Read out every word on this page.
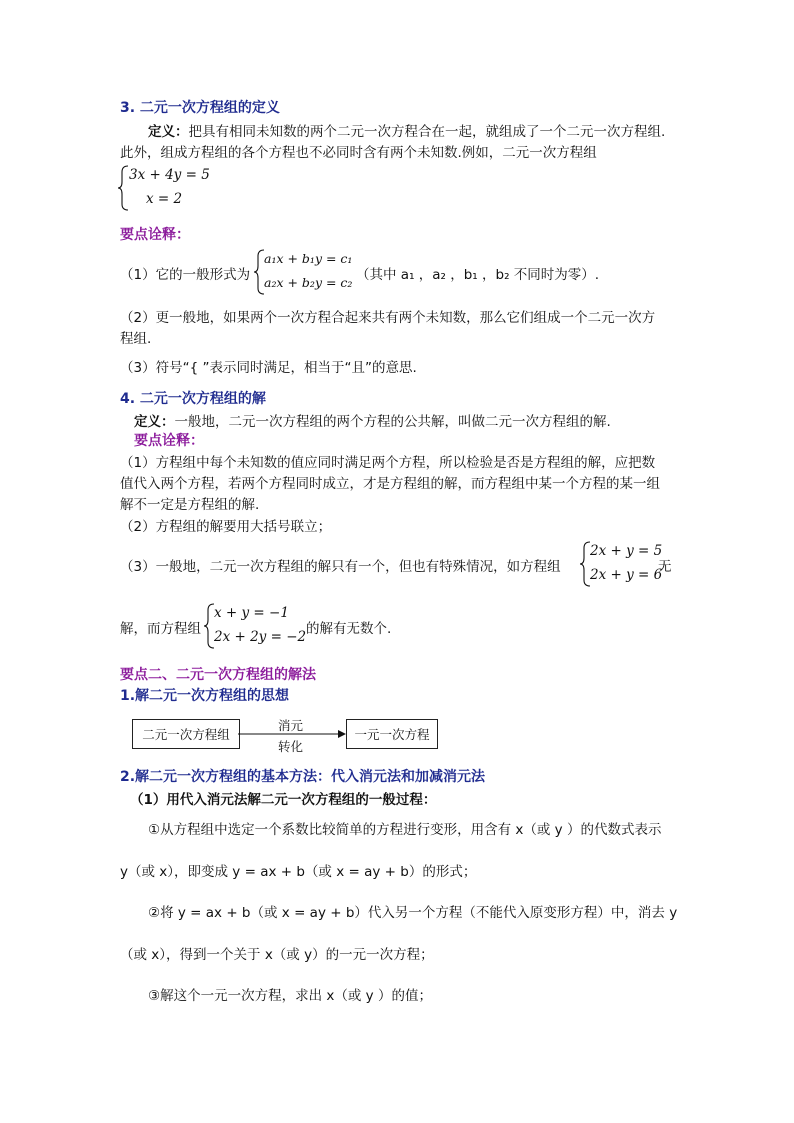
3. 二元一次方程组的定义
定义：把具有相同未知数的两个二元一次方程合在一起，就组成了一个二元一次方程组.
此外，组成方程组的各个方程也不必同时含有两个未知数.例如，二元一次方程组
3x + 4y = 5
x = 2
要点诠释：
（1）它的一般形式为
a₁x + b₁y = c₁
a₂x + b₂y = c₂ （其中 a₁ ，a₂ ，b₁ ，b₂ 不同时为零）.
（2）更一般地，如果两个一次方程合起来共有两个未知数，那么它们组成一个二元一次方
程组.
（3）符号“{ ”表示同时满足，相当于“且”的意思.
4. 二元一次方程组的解
定义：一般地，二元一次方程组的两个方程的公共解，叫做二元一次方程组的解.
要点诠释：
（1）方程组中每个未知数的值应同时满足两个方程，所以检验是否是方程组的解，应把数
值代入两个方程，若两个方程同时成立，才是方程组的解，而方程组中某一个方程的某一组
解不一定是方程组的解.
（2）方程组的解要用大括号联立；
（3）一般地，二元一次方程组的解只有一个，但也有特殊情况，如方程组
2x + y = 5
2x + y = 6
无
解，而方程组
x + y = −1
2x + 2y = −2 的解有无数个.
要点二、二元一次方程组的解法
1.解二元一次方程组的思想
二元一次方程组
消元
转化
一元一次方程
2.解二元一次方程组的基本方法：代入消元法和加减消元法
（1）用代入消元法解二元一次方程组的一般过程：
①从方程组中选定一个系数比较简单的方程进行变形，用含有 x（或 y ）的代数式表示
y（或 x），即变成 y = ax + b（或 x = ay + b）的形式；
②将 y = ax + b（或 x = ay + b）代入另一个方程（不能代入原变形方程）中，消去 y
（或 x），得到一个关于 x（或 y）的一元一次方程；
③解这个一元一次方程，求出 x（或 y ）的值；
